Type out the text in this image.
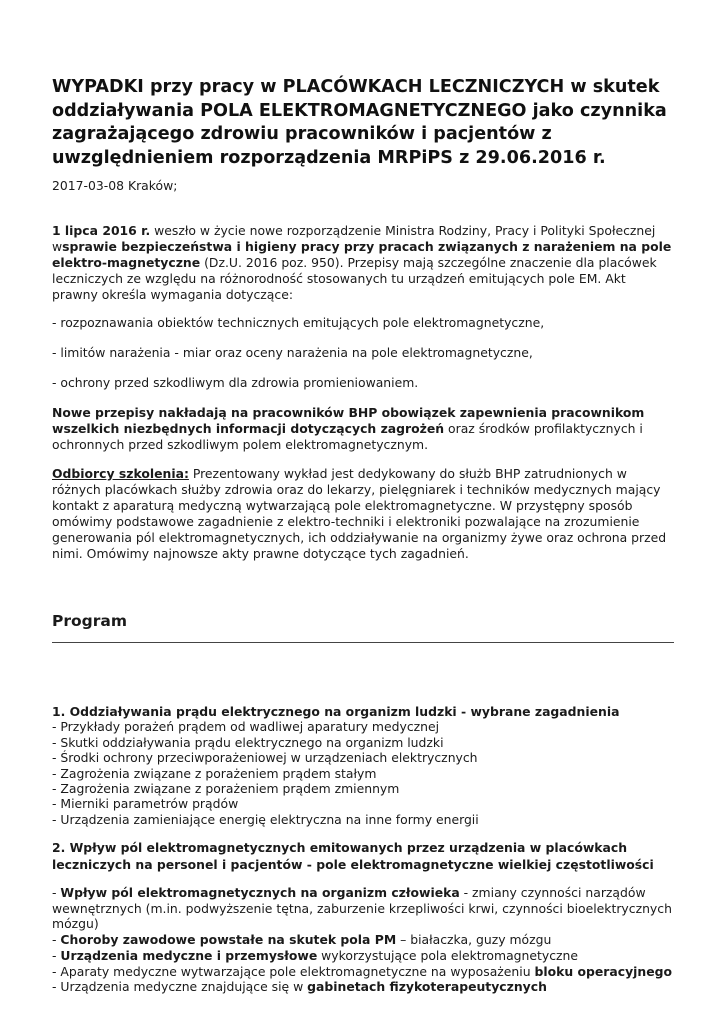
WYPADKI przy pracy w PLACÓWKACH LECZNICZYCH w skutek oddziaływania POLA ELEKTROMAGNETYCZNEGO jako czynnika zagrażającego zdrowiu pracowników i pacjentów z uwzględnieniem rozporządzenia MRPiPS z 29.06.2016 r.

2017-03-08 Kraków;

1 lipca 2016 r. weszło w życie nowe rozporządzenie Ministra Rodziny, Pracy i Polityki Społecznej wsprawie bezpieczeństwa i higieny pracy przy pracach związanych z narażeniem na pole elektro-magnetyczne (Dz.U. 2016 poz. 950). Przepisy mają szczególne znaczenie dla placówek leczniczych ze względu na różnorodność stosowanych tu urządzeń emitujących pole EM. Akt prawny określa wymagania dotyczące:

- rozpoznawania obiektów technicznych emitujących pole elektromagnetyczne,

- limitów narażenia - miar oraz oceny narażenia na pole elektromagnetyczne,

- ochrony przed szkodliwym dla zdrowia promieniowaniem.

Nowe przepisy nakładają na pracowników BHP obowiązek zapewnienia pracownikom wszelkich niezbędnych informacji dotyczących zagrożeń oraz środków profilaktycznych i ochronnych przed szkodliwym polem elektromagnetycznym.

Odbiorcy szkolenia: Prezentowany wykład jest dedykowany do służb BHP zatrudnionych w różnych placówkach służby zdrowia oraz do lekarzy, pielęgniarek i techników medycznych mający kontakt z aparaturą medyczną wytwarzającą pole elektromagnetyczne. W przystępny sposób omówimy podstawowe zagadnienie z elektro-techniki i elektroniki pozwalające na zrozumienie generowania pól elektromagnetycznych, ich oddziaływanie na organizmy żywe oraz ochrona przed nimi. Omówimy najnowsze akty prawne dotyczące tych zagadnień.

Program

1. Oddziaływania prądu elektrycznego na organizm ludzki - wybrane zagadnienia

- Przykłady porażeń prądem od wadliwej aparatury medycznej
- Skutki oddziaływania prądu elektrycznego na organizm ludzki
- Środki ochrony przeciwporażeniowej w urządzeniach elektrycznych
- Zagrożenia związane z porażeniem prądem stałym
- Zagrożenia związane z porażeniem prądem zmiennym
- Mierniki parametrów prądów
- Urządzenia zamieniające energię elektryczna na inne formy energii

2. Wpływ pól elektromagnetycznych emitowanych przez urządzenia w placówkach leczniczych na personel i pacjentów - pole elektromagnetyczne wielkiej częstotliwości

- Wpływ pól elektromagnetycznych na organizm człowieka - zmiany czynności narządów wewnętrznych (m.in. podwyższenie tętna, zaburzenie krzepliwości krwi, czynności bioelektrycznych mózgu)
- Choroby zawodowe powstałe na skutek pola PM – białaczka, guzy mózgu
- Urządzenia medyczne i przemysłowe wykorzystujące pola elektromagnetyczne
- Aparaty medyczne wytwarzające pole elektromagnetyczne na wyposażeniu bloku operacyjnego
- Urządzenia medyczne znajdujące się w gabinetach fizykoterapeutycznych
